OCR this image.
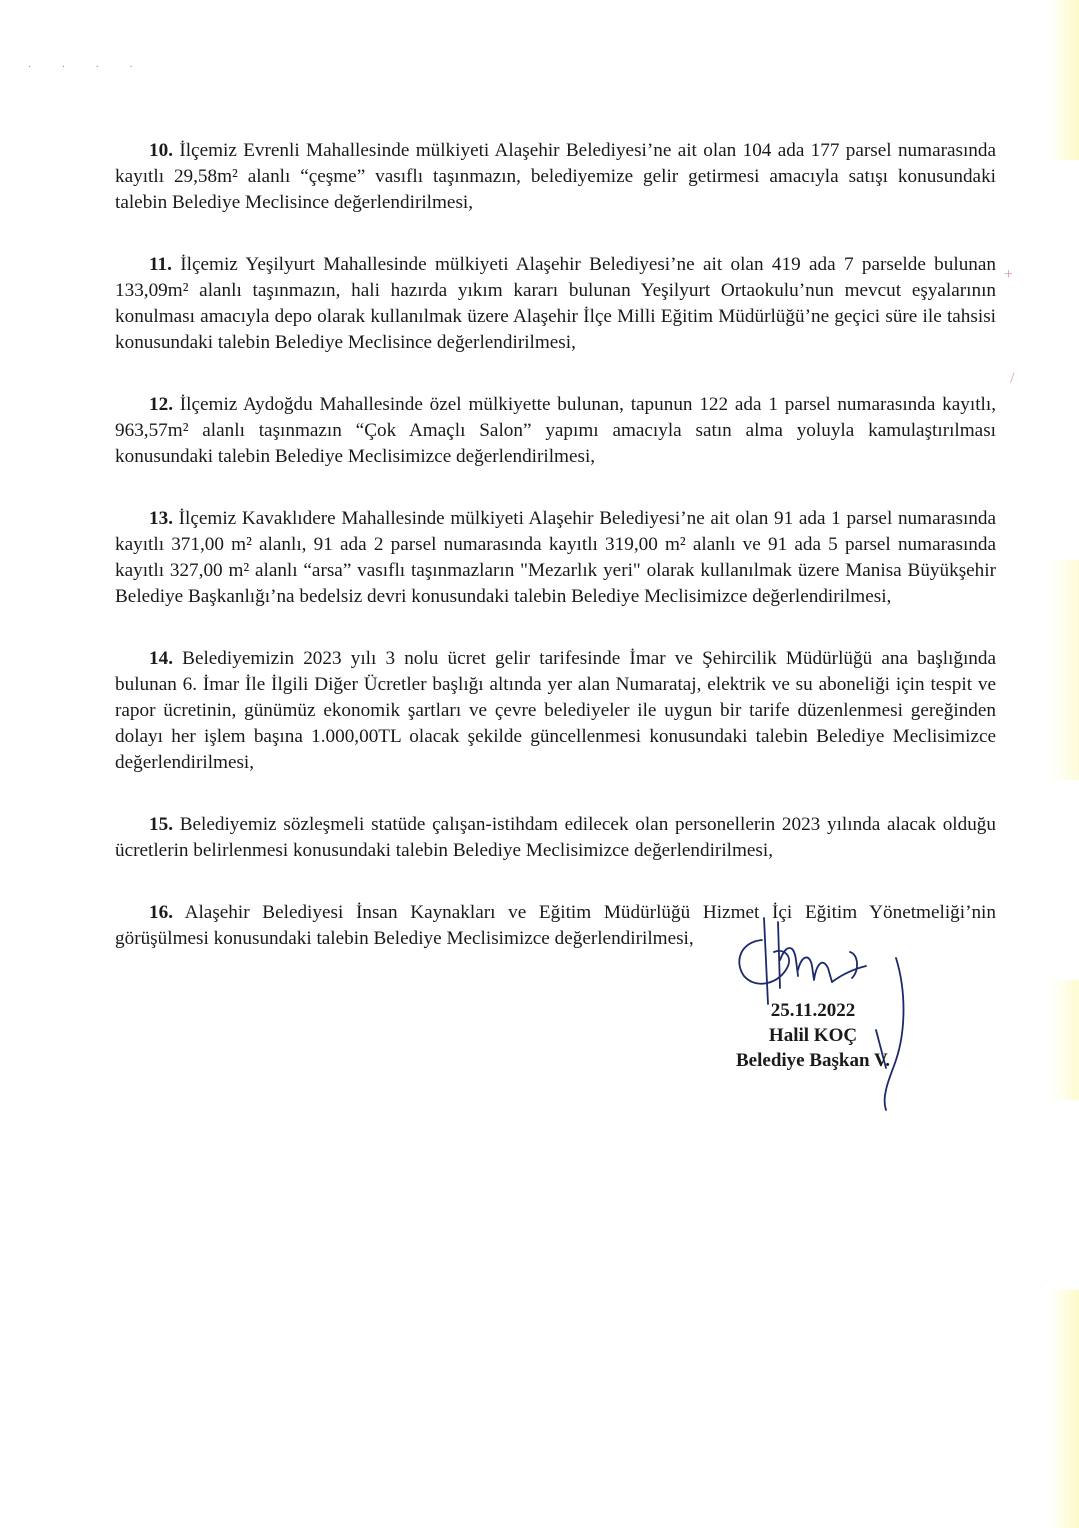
· · · ·
+
/

10. İlçemiz Evrenli Mahallesinde mülkiyeti Alaşehir Belediyesi’ne ait olan 104 ada 177 parsel numarasında kayıtlı 29,58m² alanlı “çeşme” vasıflı taşınmazın, belediyemize gelir getirmesi amacıyla satışı konusundaki talebin Belediye Meclisince değerlendirilmesi,

11. İlçemiz Yeşilyurt Mahallesinde mülkiyeti Alaşehir Belediyesi’ne ait olan 419 ada 7 parselde bulunan 133,09m² alanlı taşınmazın, hali hazırda yıkım kararı bulunan Yeşilyurt Ortaokulu’nun mevcut eşyalarının konulması amacıyla depo olarak kullanılmak üzere Alaşehir İlçe Milli Eğitim Müdürlüğü’ne geçici süre ile tahsisi konusundaki talebin Belediye Meclisince değerlendirilmesi,

12. İlçemiz Aydoğdu Mahallesinde özel mülkiyette bulunan, tapunun 122 ada 1 parsel numarasında kayıtlı, 963,57m² alanlı taşınmazın “Çok Amaçlı Salon” yapımı amacıyla satın alma yoluyla kamulaştırılması konusundaki talebin Belediye Meclisimizce değerlendirilmesi,

13. İlçemiz Kavaklıdere Mahallesinde mülkiyeti Alaşehir Belediyesi’ne ait olan 91 ada 1 parsel numarasında kayıtlı 371,00 m² alanlı, 91 ada 2 parsel numarasında kayıtlı 319,00 m² alanlı ve 91 ada 5 parsel numarasında kayıtlı 327,00 m² alanlı “arsa” vasıflı taşınmazların "Mezarlık yeri" olarak kullanılmak üzere Manisa Büyükşehir Belediye Başkanlığı’na bedelsiz devri konusundaki talebin Belediye Meclisimizce değerlendirilmesi,

14. Belediyemizin 2023 yılı 3 nolu ücret gelir tarifesinde İmar ve Şehircilik Müdürlüğü ana başlığında bulunan 6. İmar İle İlgili Diğer Ücretler başlığı altında yer alan Numarataj, elektrik ve su aboneliği için tespit ve rapor ücretinin, günümüz ekonomik şartları ve çevre belediyeler ile uygun bir tarife düzenlenmesi gereğinden dolayı her işlem başına 1.000,00TL olacak şekilde güncellenmesi konusundaki talebin Belediye Meclisimizce değerlendirilmesi,

15. Belediyemiz sözleşmeli statüde çalışan-istihdam edilecek olan personellerin 2023 yılında alacak olduğu ücretlerin belirlenmesi konusundaki talebin Belediye Meclisimizce değerlendirilmesi,

16. Alaşehir Belediyesi İnsan Kaynakları ve Eğitim Müdürlüğü Hizmet İçi Eğitim Yönetmeliği’nin görüşülmesi konusundaki talebin Belediye Meclisimizce değerlendirilmesi,

25.11.2022
Halil KOÇ
Belediye Başkan V.
